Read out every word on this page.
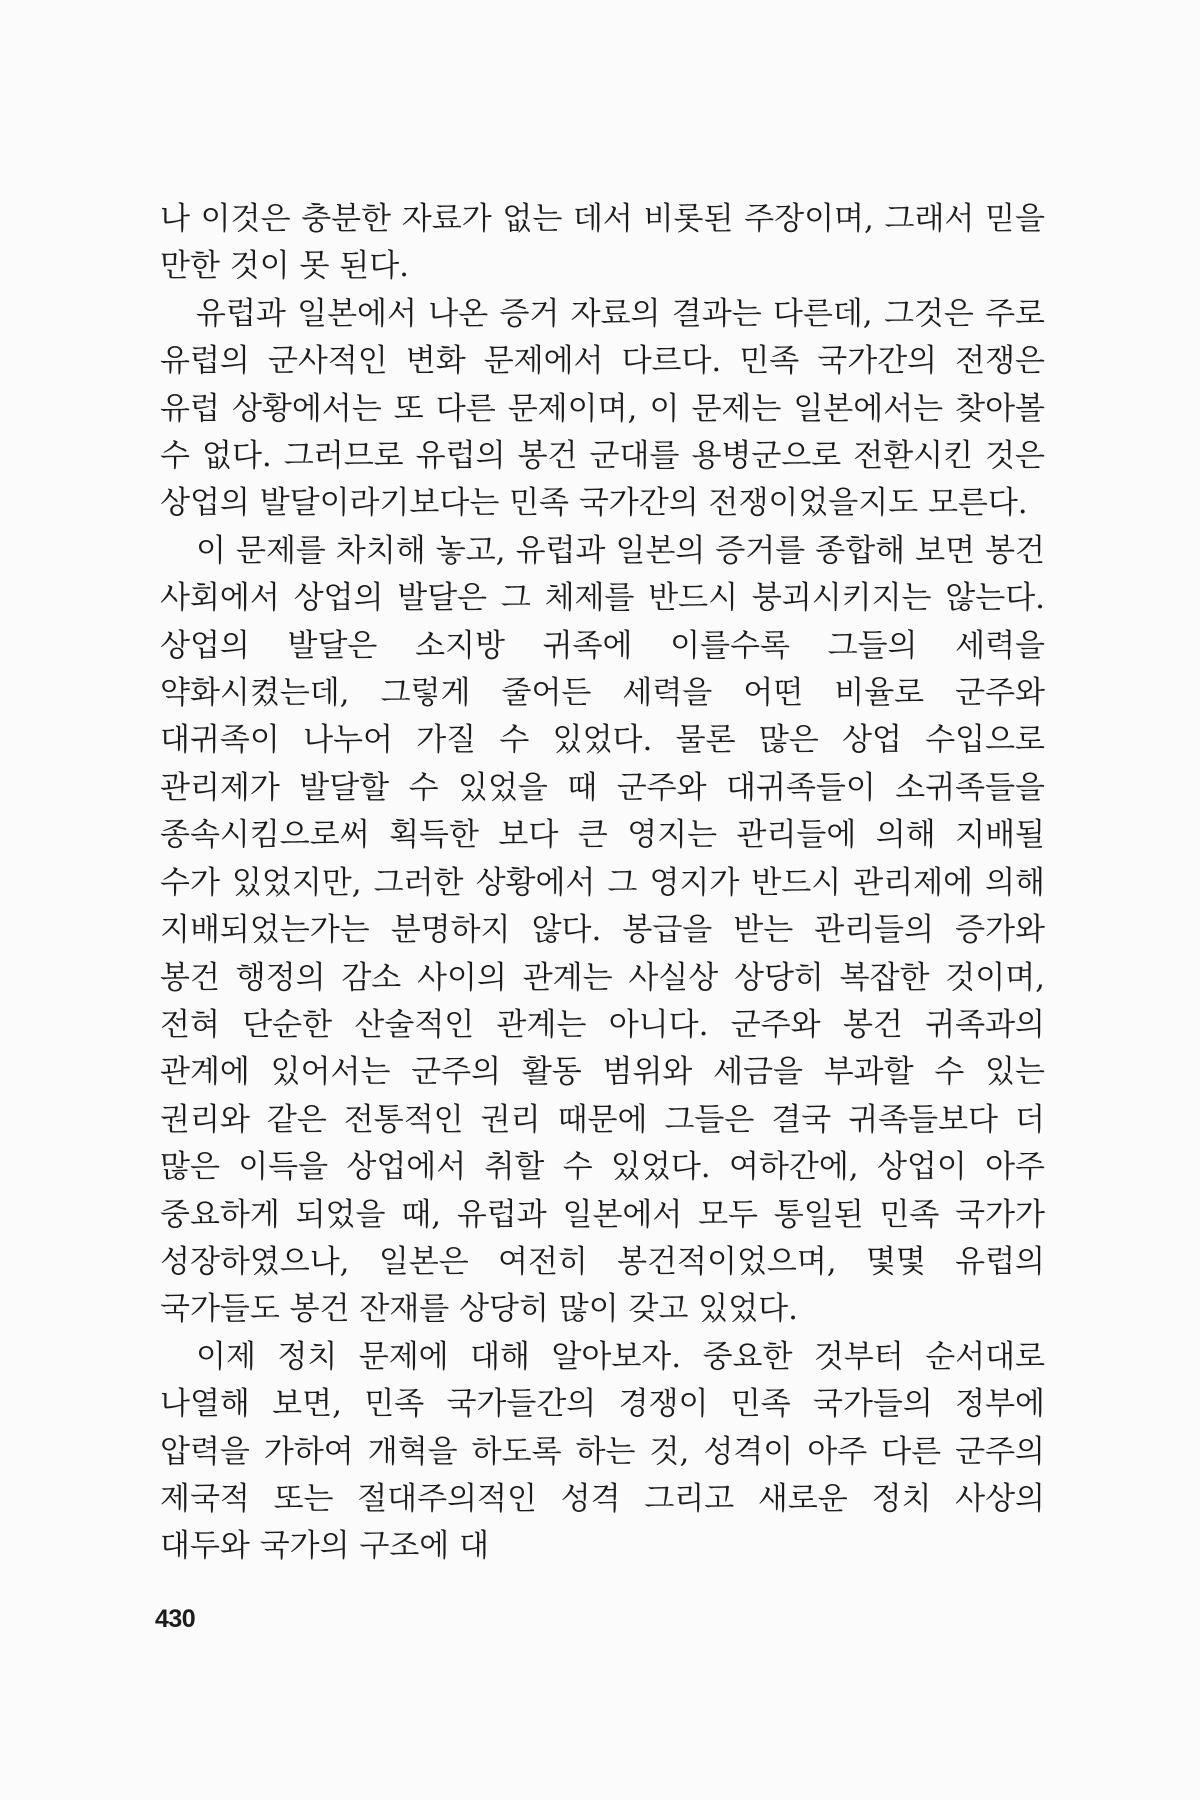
나 이것은 충분한 자료가 없는 데서 비롯된 주장이며, 그래서 믿을 만한 것이 못 된다.

유럽과 일본에서 나온 증거 자료의 결과는 다른데, 그것은 주로 유럽의 군사적인 변화 문제에서 다르다. 민족 국가간의 전쟁은 유럽 상황에서는 또 다른 문제이며, 이 문제는 일본에서는 찾아볼 수 없다. 그러므로 유럽의 봉건 군대를 용병군으로 전환시킨 것은 상업의 발달이라기보다는 민족 국가간의 전쟁이었을지도 모른다.

이 문제를 차치해 놓고, 유럽과 일본의 증거를 종합해 보면 봉건 사회에서 상업의 발달은 그 체제를 반드시 붕괴시키지는 않는다. 상업의 발달은 소지방 귀족에 이를수록 그들의 세력을 약화시켰는데, 그렇게 줄어든 세력을 어떤 비율로 군주와 대귀족이 나누어 가질 수 있었다. 물론 많은 상업 수입으로 관리제가 발달할 수 있었을 때 군주와 대귀족들이 소귀족들을 종속시킴으로써 획득한 보다 큰 영지는 관리들에 의해 지배될 수가 있었지만, 그러한 상황에서 그 영지가 반드시 관리제에 의해 지배되었는가는 분명하지 않다. 봉급을 받는 관리들의 증가와 봉건 행정의 감소 사이의 관계는 사실상 상당히 복잡한 것이며, 전혀 단순한 산술적인 관계는 아니다. 군주와 봉건 귀족과의 관계에 있어서는 군주의 활동 범위와 세금을 부과할 수 있는 권리와 같은 전통적인 권리 때문에 그들은 결국 귀족들보다 더 많은 이득을 상업에서 취할 수 있었다. 여하간에, 상업이 아주 중요하게 되었을 때, 유럽과 일본에서 모두 통일된 민족 국가가 성장하였으나, 일본은 여전히 봉건적이었으며, 몇몇 유럽의 국가들도 봉건 잔재를 상당히 많이 갖고 있었다.

이제 정치 문제에 대해 알아보자. 중요한 것부터 순서대로 나열해 보면, 민족 국가들간의 경쟁이 민족 국가들의 정부에 압력을 가하여 개혁을 하도록 하는 것, 성격이 아주 다른 군주의 제국적 또는 절대주의적인 성격 그리고 새로운 정치 사상의 대두와 국가의 구조에 대

430
